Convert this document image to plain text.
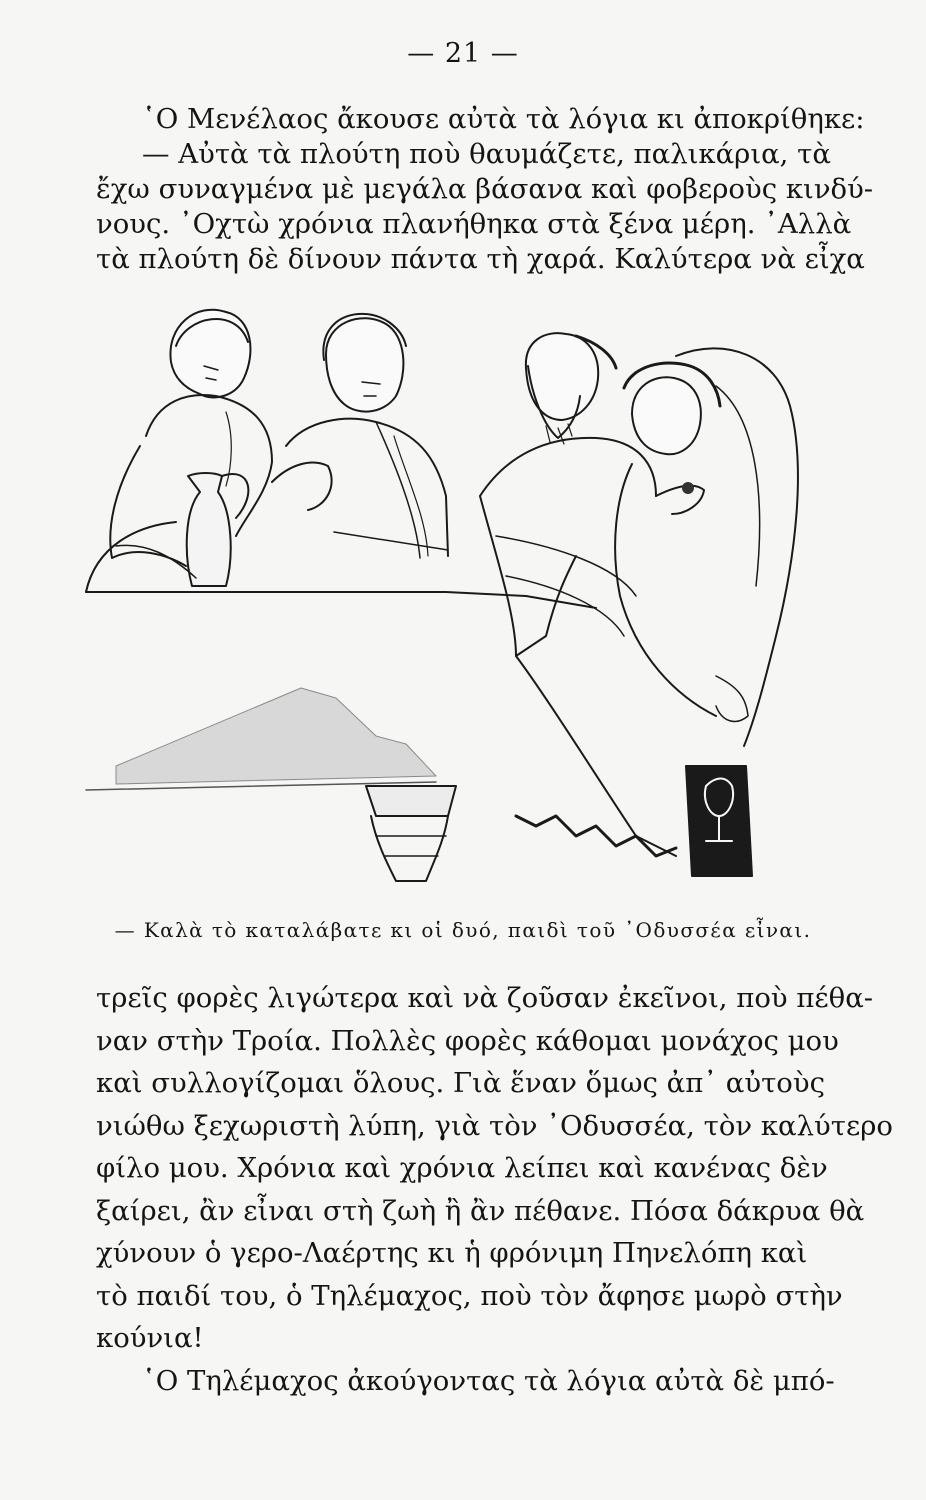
— 21 —
῾Ο Μενέλαος ἄκουσε αὐτὰ τὰ λόγια κι ἀποκρίθηκε:
— Αὐτὰ τὰ πλούτη ποὺ θαυμάζετε, παλικάρια, τὰ
ἔχω συναγμένα μὲ μεγάλα βάσανα καὶ φοβεροὺς κινδύ-
νους. ᾿Οχτὼ χρόνια πλανήθηκα στὰ ξένα μέρη. ᾿Αλλὰ
τὰ πλούτη δὲ δίνουν πάντα τὴ χαρά. Καλύτερα νὰ εἶχα
— Καλὰ τὸ καταλάβατε κι οἱ δυό, παιδὶ τοῦ ᾿Οδυσσέα εἶναι.
τρεῖς φορὲς λιγώτερα καὶ νὰ ζοῦσαν ἐκεῖνοι, ποὺ πέθα-
ναν στὴν Τροία. Πολλὲς φορὲς κάθομαι μονάχος μου
καὶ συλλογίζομαι ὅλους. Γιὰ ἕναν ὅμως ἀπ᾿ αὐτοὺς
νιώθω ξεχωριστὴ λύπη, γιὰ τὸν ᾿Οδυσσέα, τὸν καλύτερο
φίλο μου. Χρόνια καὶ χρόνια λείπει καὶ κανένας δὲν
ξαίρει, ἂν εἶναι στὴ ζωὴ ἢ ἂν πέθανε. Πόσα δάκρυα θὰ
χύνουν ὁ γερο-Λαέρτης κι ἡ φρόνιμη Πηνελόπη καὶ
τὸ παιδί του, ὁ Τηλέμαχος, ποὺ τὸν ἄφησε μωρὸ στὴν
κούνια!
῾Ο Τηλέμαχος ἀκούγοντας τὰ λόγια αὐτὰ δὲ μπό-
